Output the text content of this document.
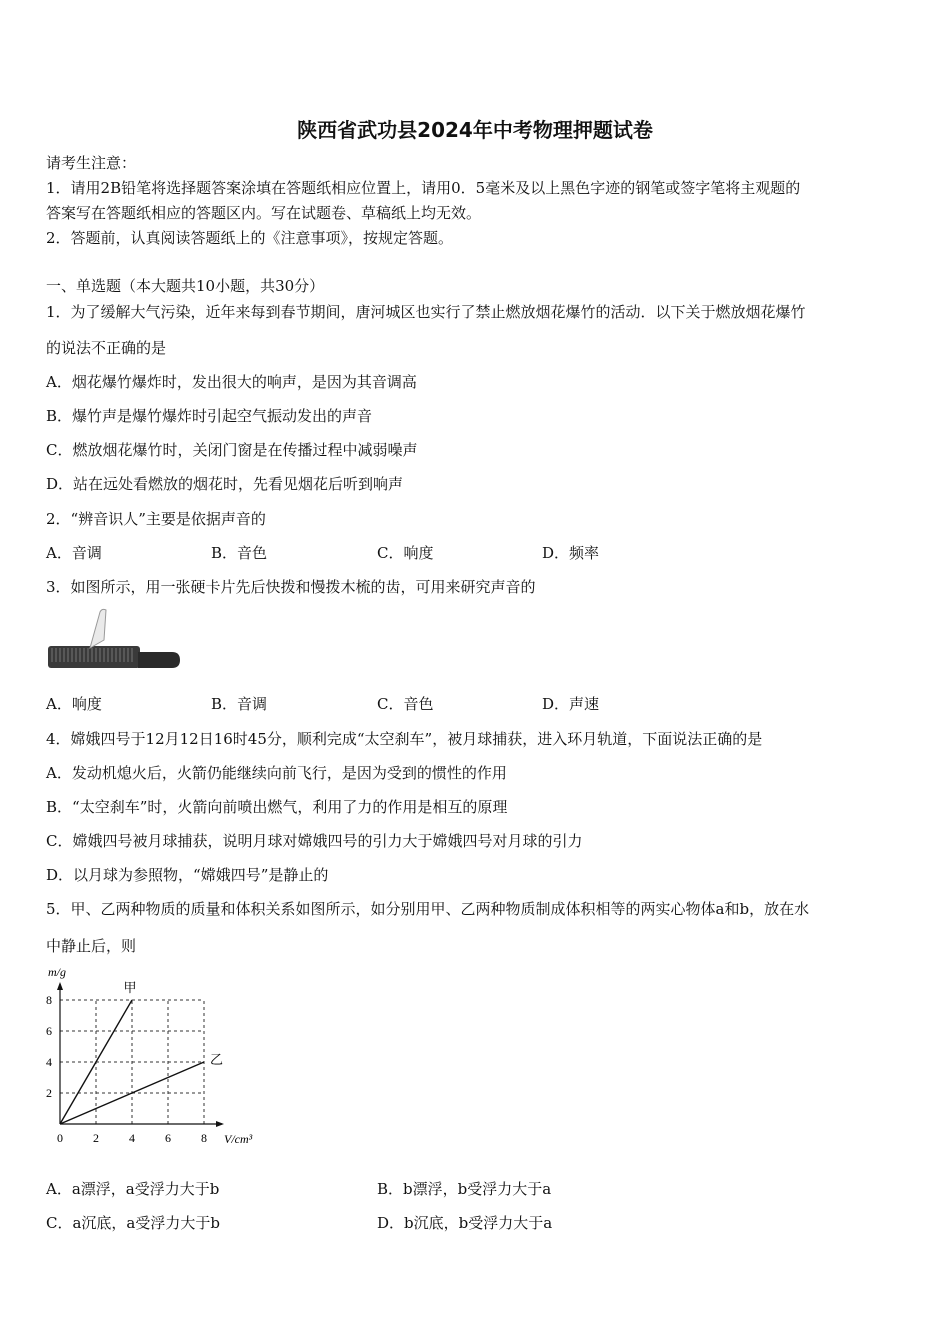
陕西省武功县2024年中考物理押题试卷
请考生注意：
1．请用2B铅笔将选择题答案涂填在答题纸相应位置上，请用0．5毫米及以上黑色字迹的钢笔或签字笔将主观题的
答案写在答题纸相应的答题区内。写在试题卷、草稿纸上均无效。
2．答题前，认真阅读答题纸上的《注意事项》，按规定答题。
一、单选题（本大题共10小题，共30分）
1．为了缓解大气污染，近年来每到春节期间，唐河城区也实行了禁止燃放烟花爆竹的活动．以下关于燃放烟花爆竹
的说法不正确的是
A．烟花爆竹爆炸时，发出很大的响声，是因为其音调高
B．爆竹声是爆竹爆炸时引起空气振动发出的声音
C．燃放烟花爆竹时，关闭门窗是在传播过程中减弱噪声
D．站在远处看燃放的烟花时，先看见烟花后听到响声
2．“辨音识人”主要是依据声音的
A．音调	B．音色	C．响度	D．频率
3．如图所示，用一张硬卡片先后快拨和慢拨木梳的齿，可用来研究声音的
A．响度	B．音调	C．音色	D．声速
4．嫦娥四号于12月12日16时45分，顺利完成“太空刹车”，被月球捕获，进入环月轨道，下面说法正确的是
A．发动机熄火后，火箭仍能继续向前飞行，是因为受到的惯性的作用
B．“太空刹车”时，火箭向前喷出燃气，利用了力的作用是相互的原理
C．嫦娥四号被月球捕获，说明月球对嫦娥四号的引力大于嫦娥四号对月球的引力
D．以月球为参照物，“嫦娥四号”是静止的
5．甲、乙两种物质的质量和体积关系如图所示，如分别用甲、乙两种物质制成体积相等的两实心物体a和b，放在水
中静止后，则
0	2	4	6	8
2
4
6
8
甲
乙
m/g
V/cm³
A．a漂浮，a受浮力大于b	B．b漂浮，b受浮力大于a
C．a沉底，a受浮力大于b	D．b沉底，b受浮力大于a
